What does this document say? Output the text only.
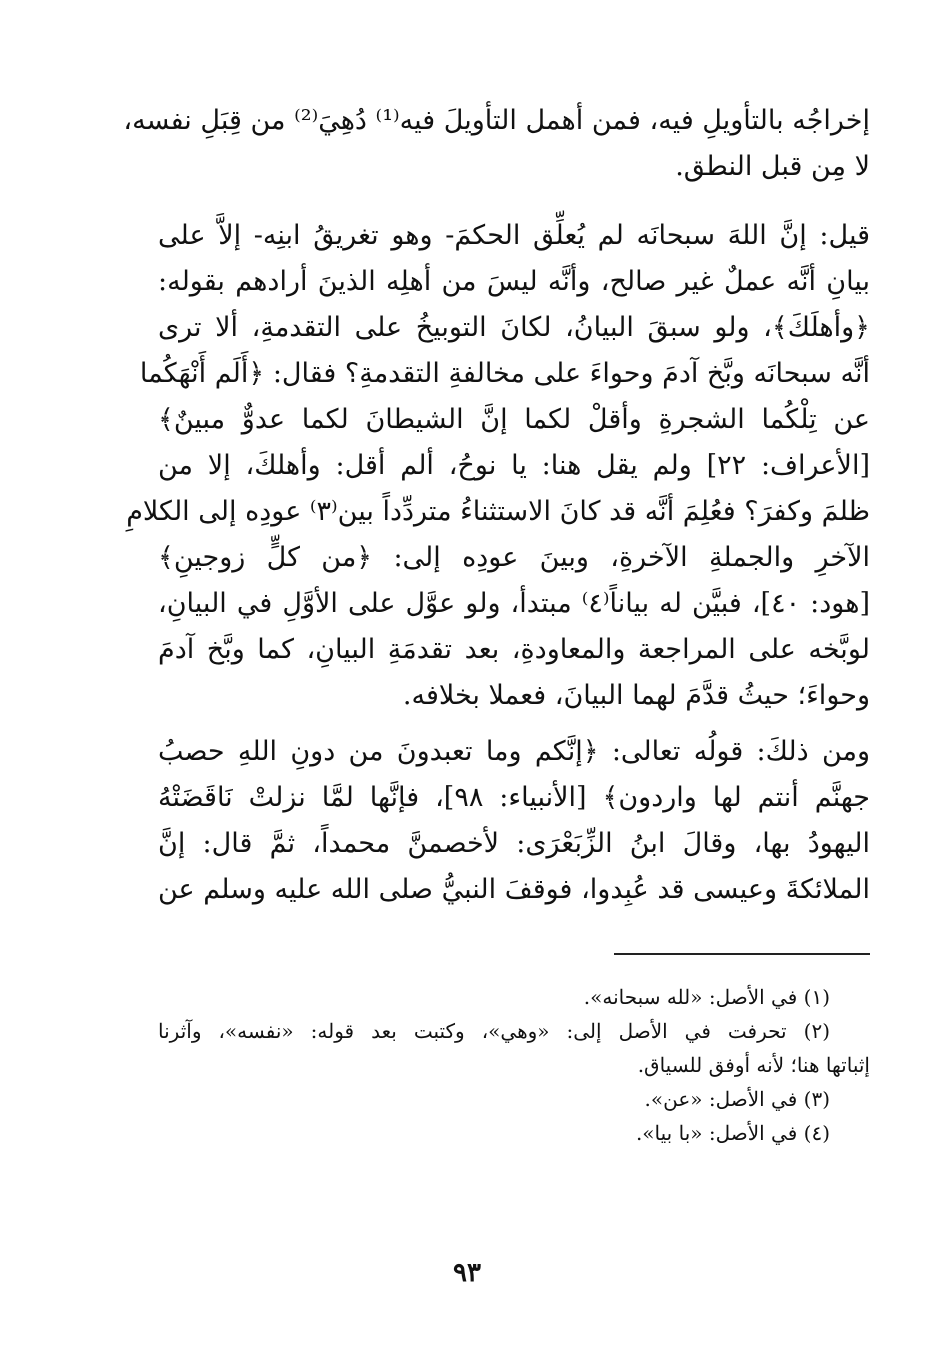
إخراجُه بالتأويلِ فيه، فمن أهمل التأويلَ فيه⁽¹⁾ دُهِيَ⁽²⁾ من قِبَلِ نفسه،
لا مِن قبل النطق.
قيل: إنَّ اللهَ سبحانَه لم يُعلِّق الحكمَ- وهو تغريقُ ابنِه- إلاَّ على
بيانِ أنَّه عملٌ غير صالح، وأنَّه ليسَ من أهلِه الذينَ أرادهم بقوله:
﴿وأهلَكَ﴾، ولو سبقَ البيانُ، لكانَ التوبيخُ على التقدمةِ، ألا ترى
أنَّه سبحانَه وبَّخ آدمَ وحواءَ على مخالفةِ التقدمةِ؟ فقال: ﴿أَلَم أَنْهَكُما
عن تِلْكُما الشجرةِ وأقلْ لكما إنَّ الشيطانَ لكما عدوٌّ مبينٌ﴾
[الأعراف: ٢٢] ولم يقل هنا: يا نوحُ، ألم أقل: وأهلكَ، إلا من
ظلمَ وكفرَ؟ فعُلِمَ أنَّه قد كانَ الاستثناءُ متردِّداً بين⁽٣⁾ عودِه إلى الكلامِ
الآخرِ والجملةِ الآخرةِ، وبينَ عودِه إلى: ﴿من كلٍّ زوجينِ﴾
[هود: ٤٠]، فبيَّن له بياناً⁽٤⁾ مبتدأ، ولو عوَّل على الأوَّلِ في البيانِ،
لوبَّخه على المراجعة والمعاودةِ، بعد تقدمَةِ البيانِ، كما وبَّخ آدمَ
وحواءَ؛ حيثُ قدَّمَ لهما البيانَ، فعملا بخلافه.
ومن ذلكَ: قولُه تعالى: ﴿إنَّكم وما تعبدونَ من دونِ اللهِ حصبُ
جهنَّم أنتم لها واردون﴾ [الأنبياء: ٩٨]، فإنَّها لمَّا نزلتْ نَاقَضَتْهُ
اليهودُ بها، وقالَ ابنُ الزِّبَعْرَى: لأخصمنَّ محمداً، ثمَّ قال: إنَّ
الملائكةَ وعيسى قد عُبِدوا، فوقفَ النبيُّ صلى الله عليه وسلم عن
(١) في الأصل: «لله سبحانه».
(٢) تحرفت في الأصل إلى: «وهي»، وكتبت بعد قوله: «نفسه»، وآثرنا
إثباتها هنا؛ لأنه أوفق للسياق.
(٣) في الأصل: «عن».
(٤) في الأصل: «با بيا».
٩٣
